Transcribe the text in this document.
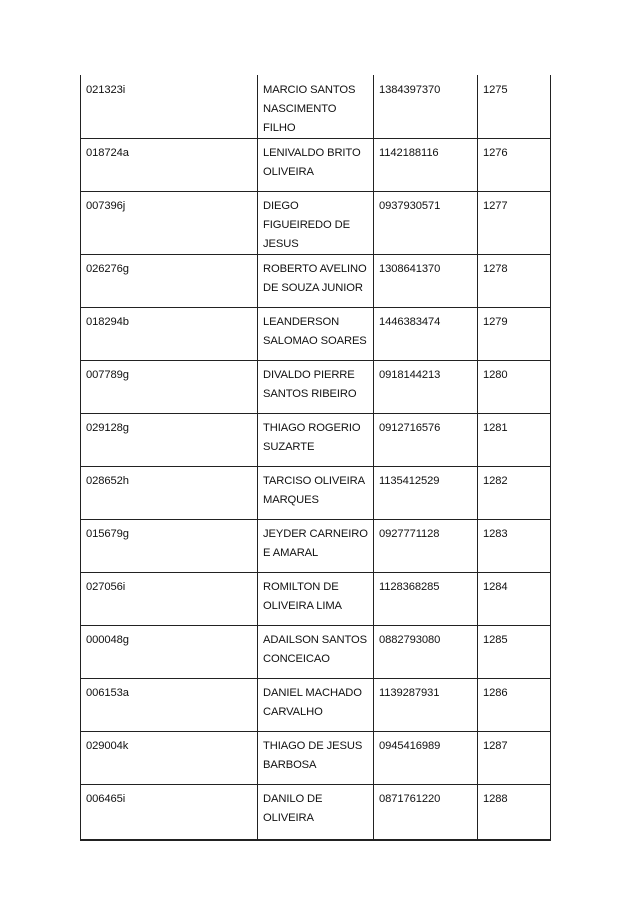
021323i	MARCIO SANTOS NASCIMENTO FILHO	1384397370	1275
018724a	LENIVALDO BRITO OLIVEIRA	1142188116	1276
007396j	DIEGO FIGUEIREDO DE JESUS	0937930571	1277
026276g	ROBERTO AVELINO DE SOUZA JUNIOR	1308641370	1278
018294b	LEANDERSON SALOMAO SOARES	1446383474	1279
007789g	DIVALDO PIERRE SANTOS RIBEIRO	0918144213	1280
029128g	THIAGO ROGERIO SUZARTE	0912716576	1281
028652h	TARCISO OLIVEIRA MARQUES	1135412529	1282
015679g	JEYDER CARNEIRO E AMARAL	0927771128	1283
027056i	ROMILTON DE OLIVEIRA LIMA	1128368285	1284
000048g	ADAILSON SANTOS CONCEICAO	0882793080	1285
006153a	DANIEL MACHADO CARVALHO	1139287931	1286
029004k	THIAGO DE JESUS BARBOSA	0945416989	1287
006465i	DANILO DE OLIVEIRA	0871761220	1288
